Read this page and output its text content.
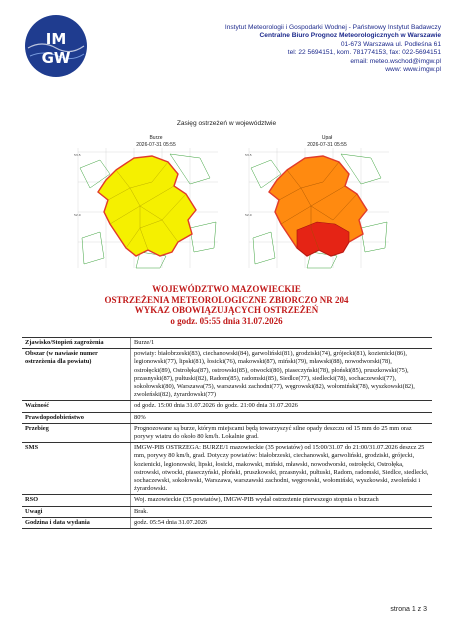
IM
GW
Instytut Meteorologii i Gospodarki Wodnej - Państwowy Instytut Badawczy
Centralne Biuro Prognoz Meteorologicznych w Warszawie
01-673 Warszawa ul. Podleśna 61
tel: 22 5694151, kom. 781774153, fax: 022-5694151
email: meteo.wschod@imgw.pl
www: www.imgw.pl
Zasięg ostrzeżeń w województwie
Burze
2026-07-31 05:55
Upał
2026-07-31 05:55
53.5
52.0
53.5
52.0
WOJEWÓDZTWO MAZOWIECKIE
OSTRZEŻENIA METEOROLOGICZNE ZBIORCZO NR 204
WYKAZ OBOWIĄZUJĄCYCH OSTRZEŻEŃ
o godz. 05:55 dnia 31.07.2026
Zjawisko/Stopień zagrożenia	Burze/1
Obszar (w nawiasie numer ostrzeżenia dla powiatu)	powiaty: białobrzeski(83), ciechanowski(84), garwoliński(81), grodziski(74), grójecki(81), kozienicki(86), legionowski(77), lipski(81), łosicki(76), makowski(87), miński(79), mławski(88), nowodworski(78), ostrołęcki(89), Ostrołęka(87), ostrowski(85), otwocki(80), piaseczyński(78), płoński(85), pruszkowski(75), przasnyski(87), pułtuski(82), Radom(85), radomski(85), Siedlce(77), siedlecki(78), sochaczewski(77), sokołowski(80), Warszawa(75), warszawski zachodni(77), węgrowski(82), wołomiński(78), wyszkowski(82), zwoleński(82), żyrardowski(77)
Ważność	od godz. 15:00 dnia 31.07.2026 do godz. 21:00 dnia 31.07.2026
Prawdopodobieństwo	80%
Przebieg	Prognozowane są burze, którym miejscami będą towarzyszyć silne opady deszczu od 15 mm do 25 mm oraz porywy wiatru do około 80 km/h. Lokalnie grad.
SMS	IMGW-PIB OSTRZEGA: BURZE/1 mazowieckie (35 powiatów) od 15:00/31.07 do 21:00/31.07.2026 deszcz 25 mm, porywy 80 km/h, grad. Dotyczy powiatów: białobrzeski, ciechanowski, garwoliński, grodziski, grójecki, kozienicki, legionowski, lipski, łosicki, makowski, miński, mławski, nowodworski, ostrołęcki, Ostrołęka, ostrowski, otwocki, piaseczyński, płoński, pruszkowski, przasnyski, pułtuski, Radom, radomski, Siedlce, siedlecki, sochaczewski, sokołowski, Warszawa, warszawski zachodni, węgrowski, wołomiński, wyszkowski, zwoleński i żyrardowski.
RSO	Woj. mazowieckie (35 powiatów), IMGW-PIB wydał ostrzeżenie pierwszego stopnia o burzach
Uwagi	Brak.
Godzina i data wydania	godz. 05:54 dnia 31.07.2026
strona 1 z 3
